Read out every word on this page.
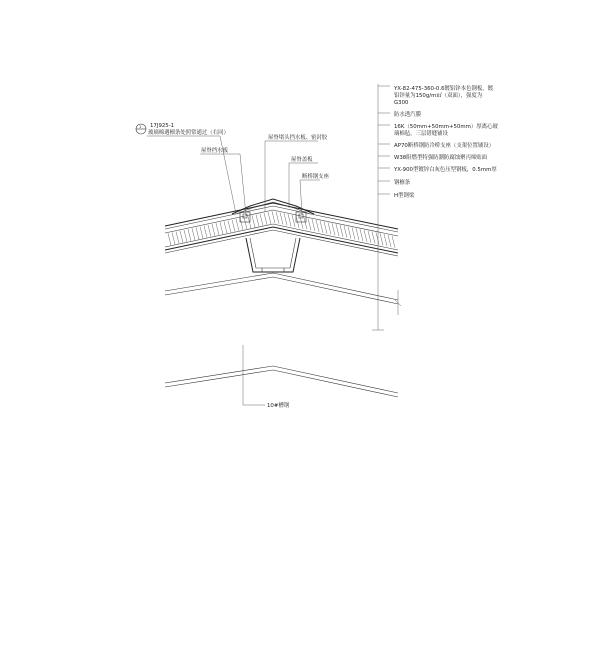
1 17J925-1
玻璃棉遇檩条处照常通过（右同）
屋脊挡水板
屋脊堵头挡水板、密封胶
屋脊盖板
断桥钢支座
10#槽钢
YX-82-475-360-0.6镀铝锌本色钢板，镀
铝锌量为150g/m㎡（双面），强度为
G300
防水透汽膜
16K（50mm+50mm+50mm）厚离心玻
璃棉毡，三层错缝铺设
AP70断桥钢防冷桥支座（支架位置铺设）
W38阻燃型特强防潮防腐蚀聚丙烯贴面
YX-900型镀锌白灰色压型钢板，0.5mm厚
钢檩条
H型钢梁
